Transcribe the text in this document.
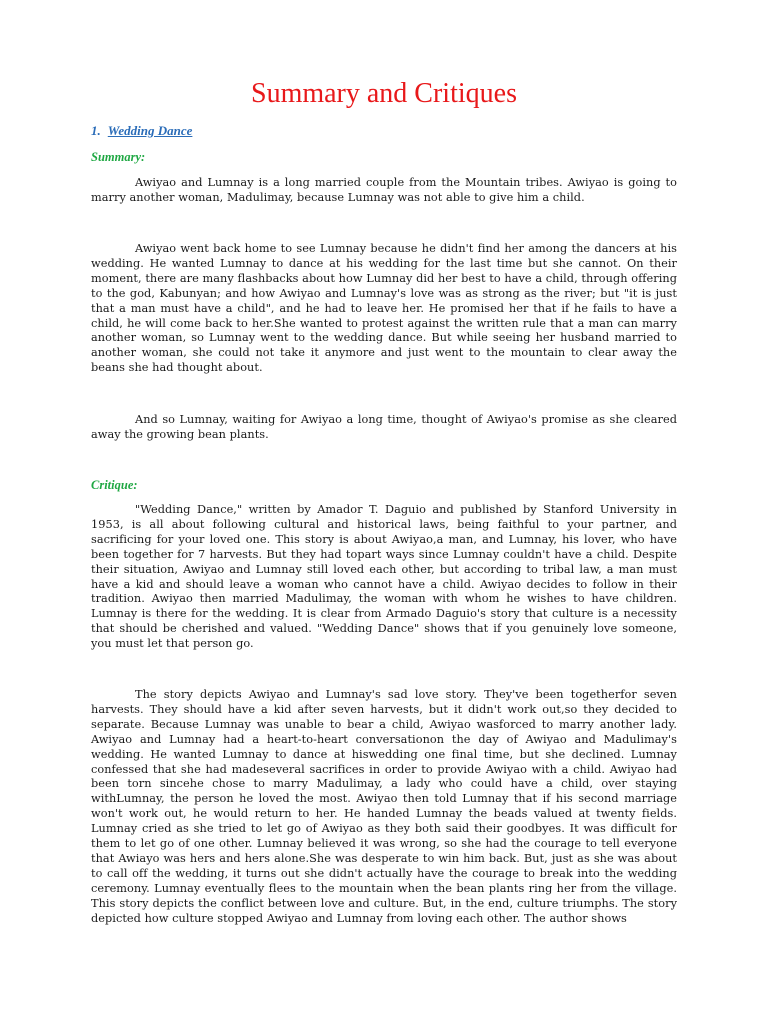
Summary and Critiques
1. Wedding Dance

Summary:

Awiyao and Lumnay is a long married couple from the Mountain tribes. Awiyao is going to marry another woman, Madulimay, because Lumnay was not able to give him a child.

Awiyao went back home to see Lumnay because he didn't find her among the dancers at his wedding. He wanted Lumnay to dance at his wedding for the last time but she cannot. On their moment, there are many flashbacks about how Lumnay did her best to have a child, through offering to the god, Kabunyan; and how Awiyao and Lumnay's love was as strong as the river; but "it is just that a man must have a child", and he had to leave her. He promised her that if he fails to have a child, he will come back to her.She wanted to protest against the written rule that a man can marry another woman, so Lumnay went to the wedding dance. But while seeing her husband married to another woman, she could not take it anymore and just went to the mountain to clear away the beans she had thought about.

And so Lumnay, waiting for Awiyao a long time, thought of Awiyao's promise as she cleared away the growing bean plants.

Critique:

"Wedding Dance," written by Amador T. Daguio and published by Stanford University in 1953, is all about following cultural and historical laws, being faithful to your partner, and sacrificing for your loved one. This story is about Awiyao,a man, and Lumnay, his lover, who have been together for 7 harvests. But they had topart ways since Lumnay couldn't have a child. Despite their situation, Awiyao and Lumnay still loved each other, but according to tribal law, a man must have a kid and should leave a woman who cannot have a child. Awiyao decides to follow in their tradition. Awiyao then married Madulimay, the woman with whom he wishes to have children. Lumnay is there for the wedding. It is clear from Armado Daguio's story that culture is a necessity that should be cherished and valued. "Wedding Dance" shows that if you genuinely love someone, you must let that person go.

The story depicts Awiyao and Lumnay's sad love story. They've been togetherfor seven harvests. They should have a kid after seven harvests, but it didn't work out,so they decided to separate. Because Lumnay was unable to bear a child, Awiyao wasforced to marry another lady. Awiyao and Lumnay had a heart-to-heart conversationon the day of Awiyao and Madulimay's wedding. He wanted Lumnay to dance at hiswedding one final time, but she declined. Lumnay confessed that she had madeseveral sacrifices in order to provide Awiyao with a child. Awiyao had been torn sincehe chose to marry Madulimay, a lady who could have a child, over staying withLumnay, the person he loved the most. Awiyao then told Lumnay that if his second marriage won't work out, he would return to her. He handed Lumnay the beads valued at twenty fields. Lumnay cried as she tried to let go of Awiyao as they both said their goodbyes. It was difficult for them to let go of one other. Lumnay believed it was wrong, so she had the courage to tell everyone that Awiayo was hers and hers alone.She was desperate to win him back. But, just as she was about to call off the wedding, it turns out she didn't actually have the courage to break into the wedding ceremony. Lumnay eventually flees to the mountain when the bean plants ring her from the village. This story depicts the conflict between love and culture. But, in the end, culture triumphs. The story depicted how culture stopped Awiyao and Lumnay from loving each other. The author shows
